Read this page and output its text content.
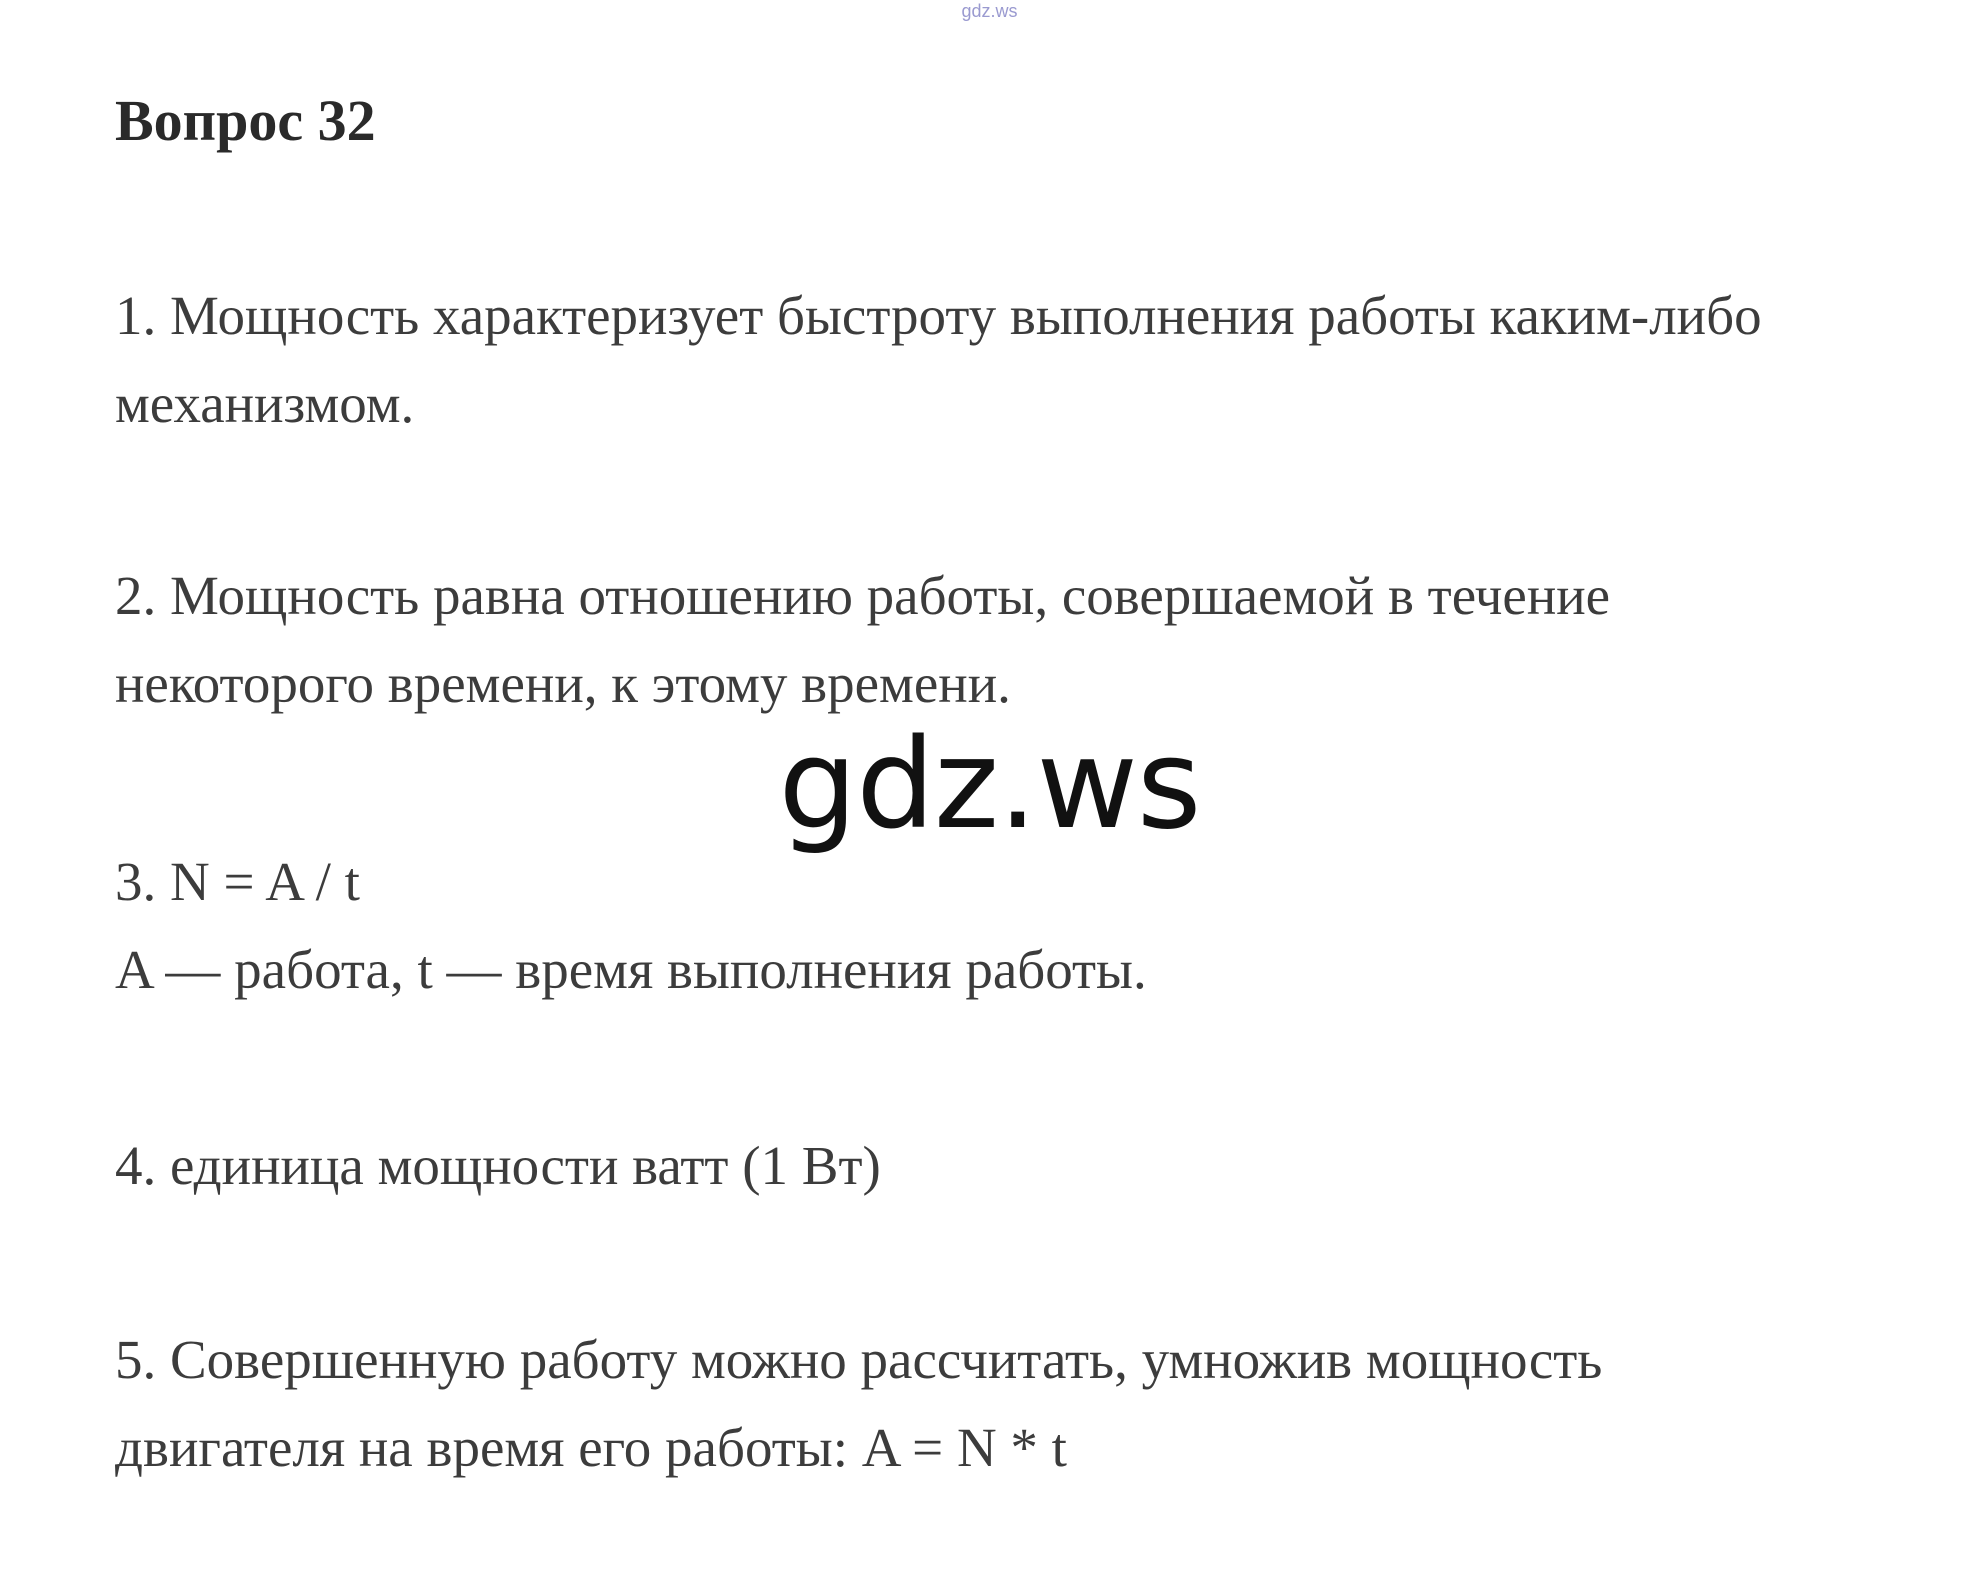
gdz.ws
Вопрос 32
1. Мощность характеризует быстроту выполнения работы каким-либо
механизмом.
2. Мощность равна отношению работы, совершаемой в течение
некоторого времени, к этому времени.
gdz.ws
3. N = A / t
A — работа, t — время выполнения работы.
4. единица мощности ватт (1 Вт)
5. Совершенную работу можно рассчитать, умножив мощность
двигателя на время его работы: A = N * t
